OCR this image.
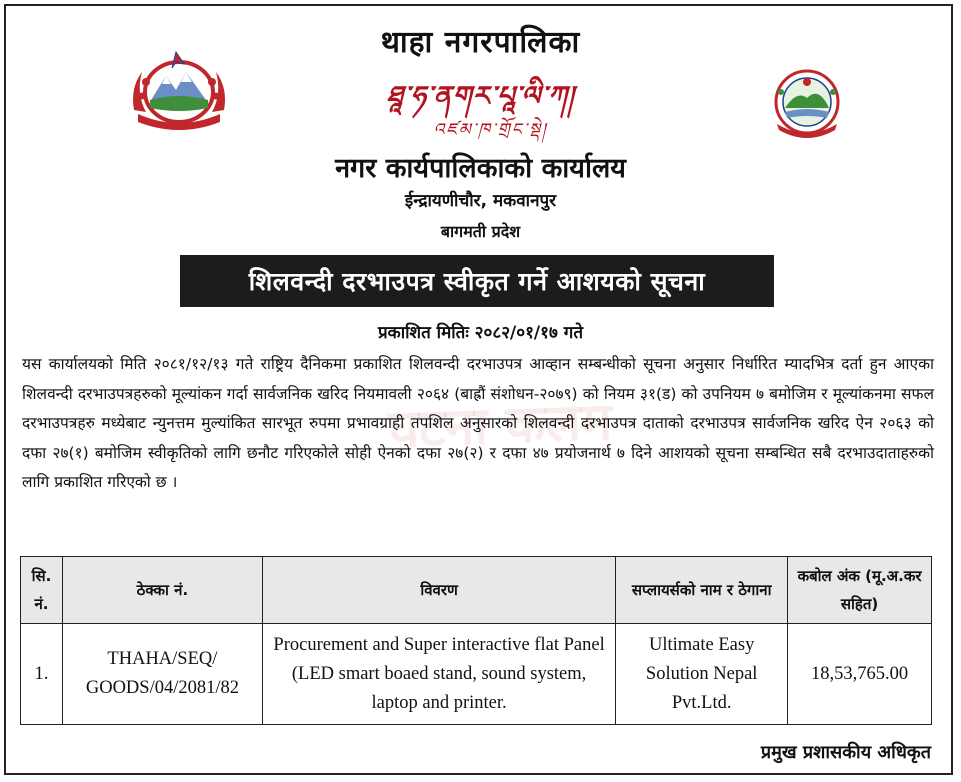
थाहा नगरपालिका
ཐཱ་ཧ་ནགར་པཱ་ལི་ཀ།
འཛམ་ཁ་གྲོང་སྡེ།
नगर कार्यपालिकाको कार्यालय
ईन्द्रायणीचौर, मकवानपुर
बागमती प्रदेश
शिलवन्दी दरभाउपत्र स्वीकृत गर्ने आशयको सूचना
प्रकाशित मितिः २०८२/०१/१७ गते
घटना कलम
यस कार्यालयको मिति २०८१/१२/१३ गते राष्ट्रिय दैनिकमा प्रकाशित शिलवन्दी दरभाउपत्र आव्हान सम्बन्धीको सूचना अनुसार निर्धारित म्यादभित्र दर्ता हुन आएका शिलवन्दी दरभाउपत्रहरुको मूल्यांकन गर्दा सार्वजनिक खरिद नियमावली २०६४ (बाह्रौं संशोधन-२०७९) को नियम ३१(ड) को उपनियम ७ बमोजिम र मूल्यांकनमा सफल दरभाउपत्रहरु मध्येबाट न्युनत्तम मुल्यांकित सारभूत रुपमा प्रभावग्राही तपशिल अनुसारको शिलवन्दी दरभाउपत्र दाताको दरभाउपत्र सार्वजनिक खरिद ऐन २०६३ को दफा २७(१) बमोजिम स्वीकृतिको लागि छनौट गरिएकोले सोही ऐनको दफा २७(२) र दफा ४७ प्रयोजनार्थ ७ दिने आशयको सूचना सम्बन्धित सबै दरभाउदाताहरुको लागि प्रकाशित गरिएको छ ।
सि. नं.	ठेक्का नं.	विवरण	सप्लायर्सको नाम र ठेगाना	कबोल अंक (मू.अ.कर सहित)
1.	THAHA/SEQ/ GOODS/04/2081/82	Procurement and Super interactive flat Panel (LED smart boaed stand, sound system, laptop and printer.	Ultimate Easy Solution Nepal Pvt.Ltd.	18,53,765.00
प्रमुख प्रशासकीय अधिकृत
